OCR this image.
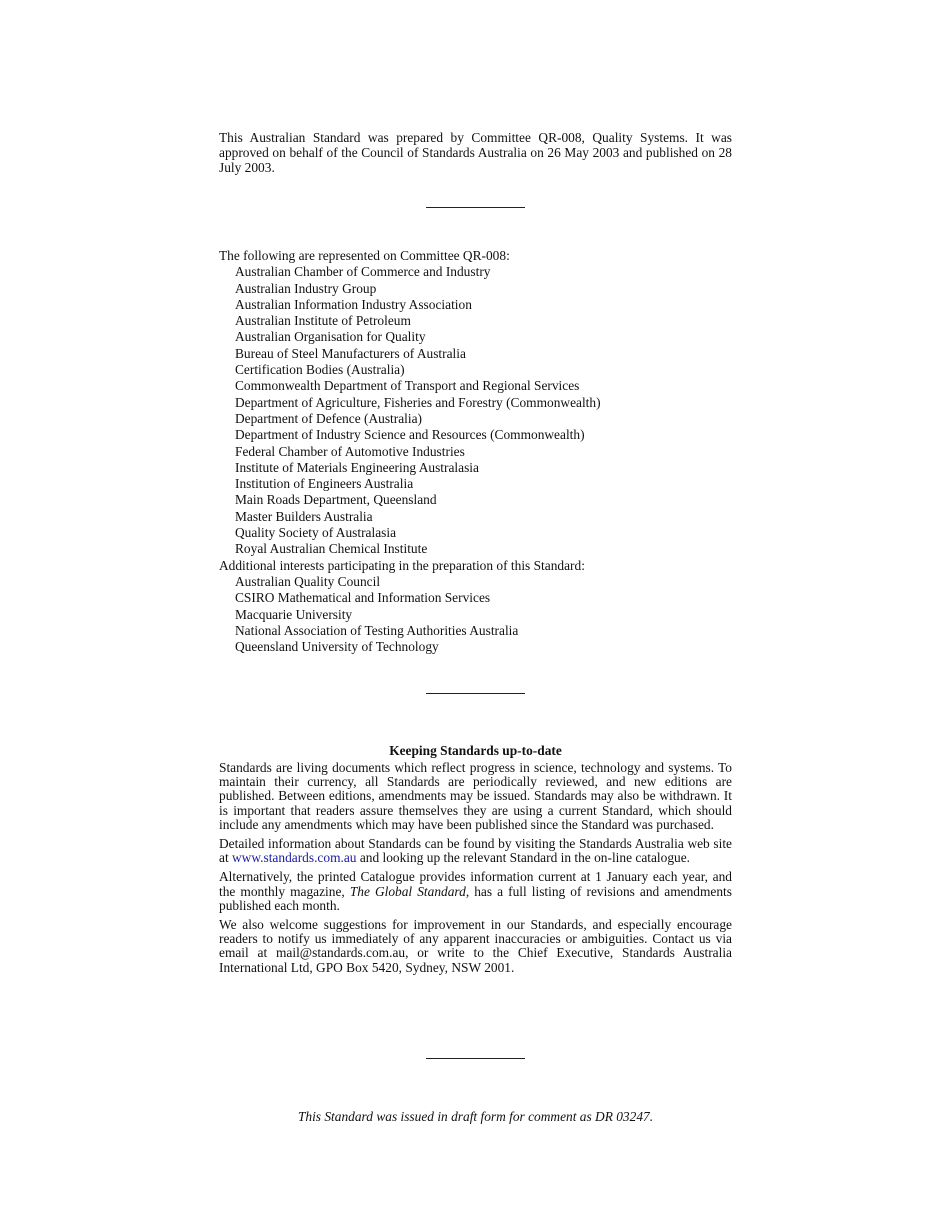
This Australian Standard was prepared by Committee QR-008, Quality Systems. It was approved on behalf of the Council of Standards Australia on 26 May 2003 and published on 28 July 2003.

The following are represented on Committee QR-008:

Australian Chamber of Commerce and Industry
Australian Industry Group
Australian Information Industry Association
Australian Institute of Petroleum
Australian Organisation for Quality
Bureau of Steel Manufacturers of Australia
Certification Bodies (Australia)
Commonwealth Department of Transport and Regional Services
Department of Agriculture, Fisheries and Forestry (Commonwealth)
Department of Defence (Australia)
Department of Industry Science and Resources (Commonwealth)
Federal Chamber of Automotive Industries
Institute of Materials Engineering Australasia
Institution of Engineers Australia
Main Roads Department, Queensland
Master Builders Australia
Quality Society of Australasia
Royal Australian Chemical Institute

Additional interests participating in the preparation of this Standard:

Australian Quality Council
CSIRO Mathematical and Information Services
Macquarie University
National Association of Testing Authorities Australia
Queensland University of Technology
Keeping Standards up-to-date

Standards are living documents which reflect progress in science, technology and systems. To maintain their currency, all Standards are periodically reviewed, and new editions are published. Between editions, amendments may be issued. Standards may also be withdrawn. It is important that readers assure themselves they are using a current Standard, which should include any amendments which may have been published since the Standard was purchased.

Detailed information about Standards can be found by visiting the Standards Australia web site at www.standards.com.au and looking up the relevant Standard in the on-line catalogue.

Alternatively, the printed Catalogue provides information current at 1 January each year, and the monthly magazine, The Global Standard, has a full listing of revisions and amendments published each month.

We also welcome suggestions for improvement in our Standards, and especially encourage readers to notify us immediately of any apparent inaccuracies or ambiguities. Contact us via email at mail@standards.com.au, or write to the Chief Executive, Standards Australia International Ltd, GPO Box 5420, Sydney, NSW 2001.

This Standard was issued in draft form for comment as DR 03247.
